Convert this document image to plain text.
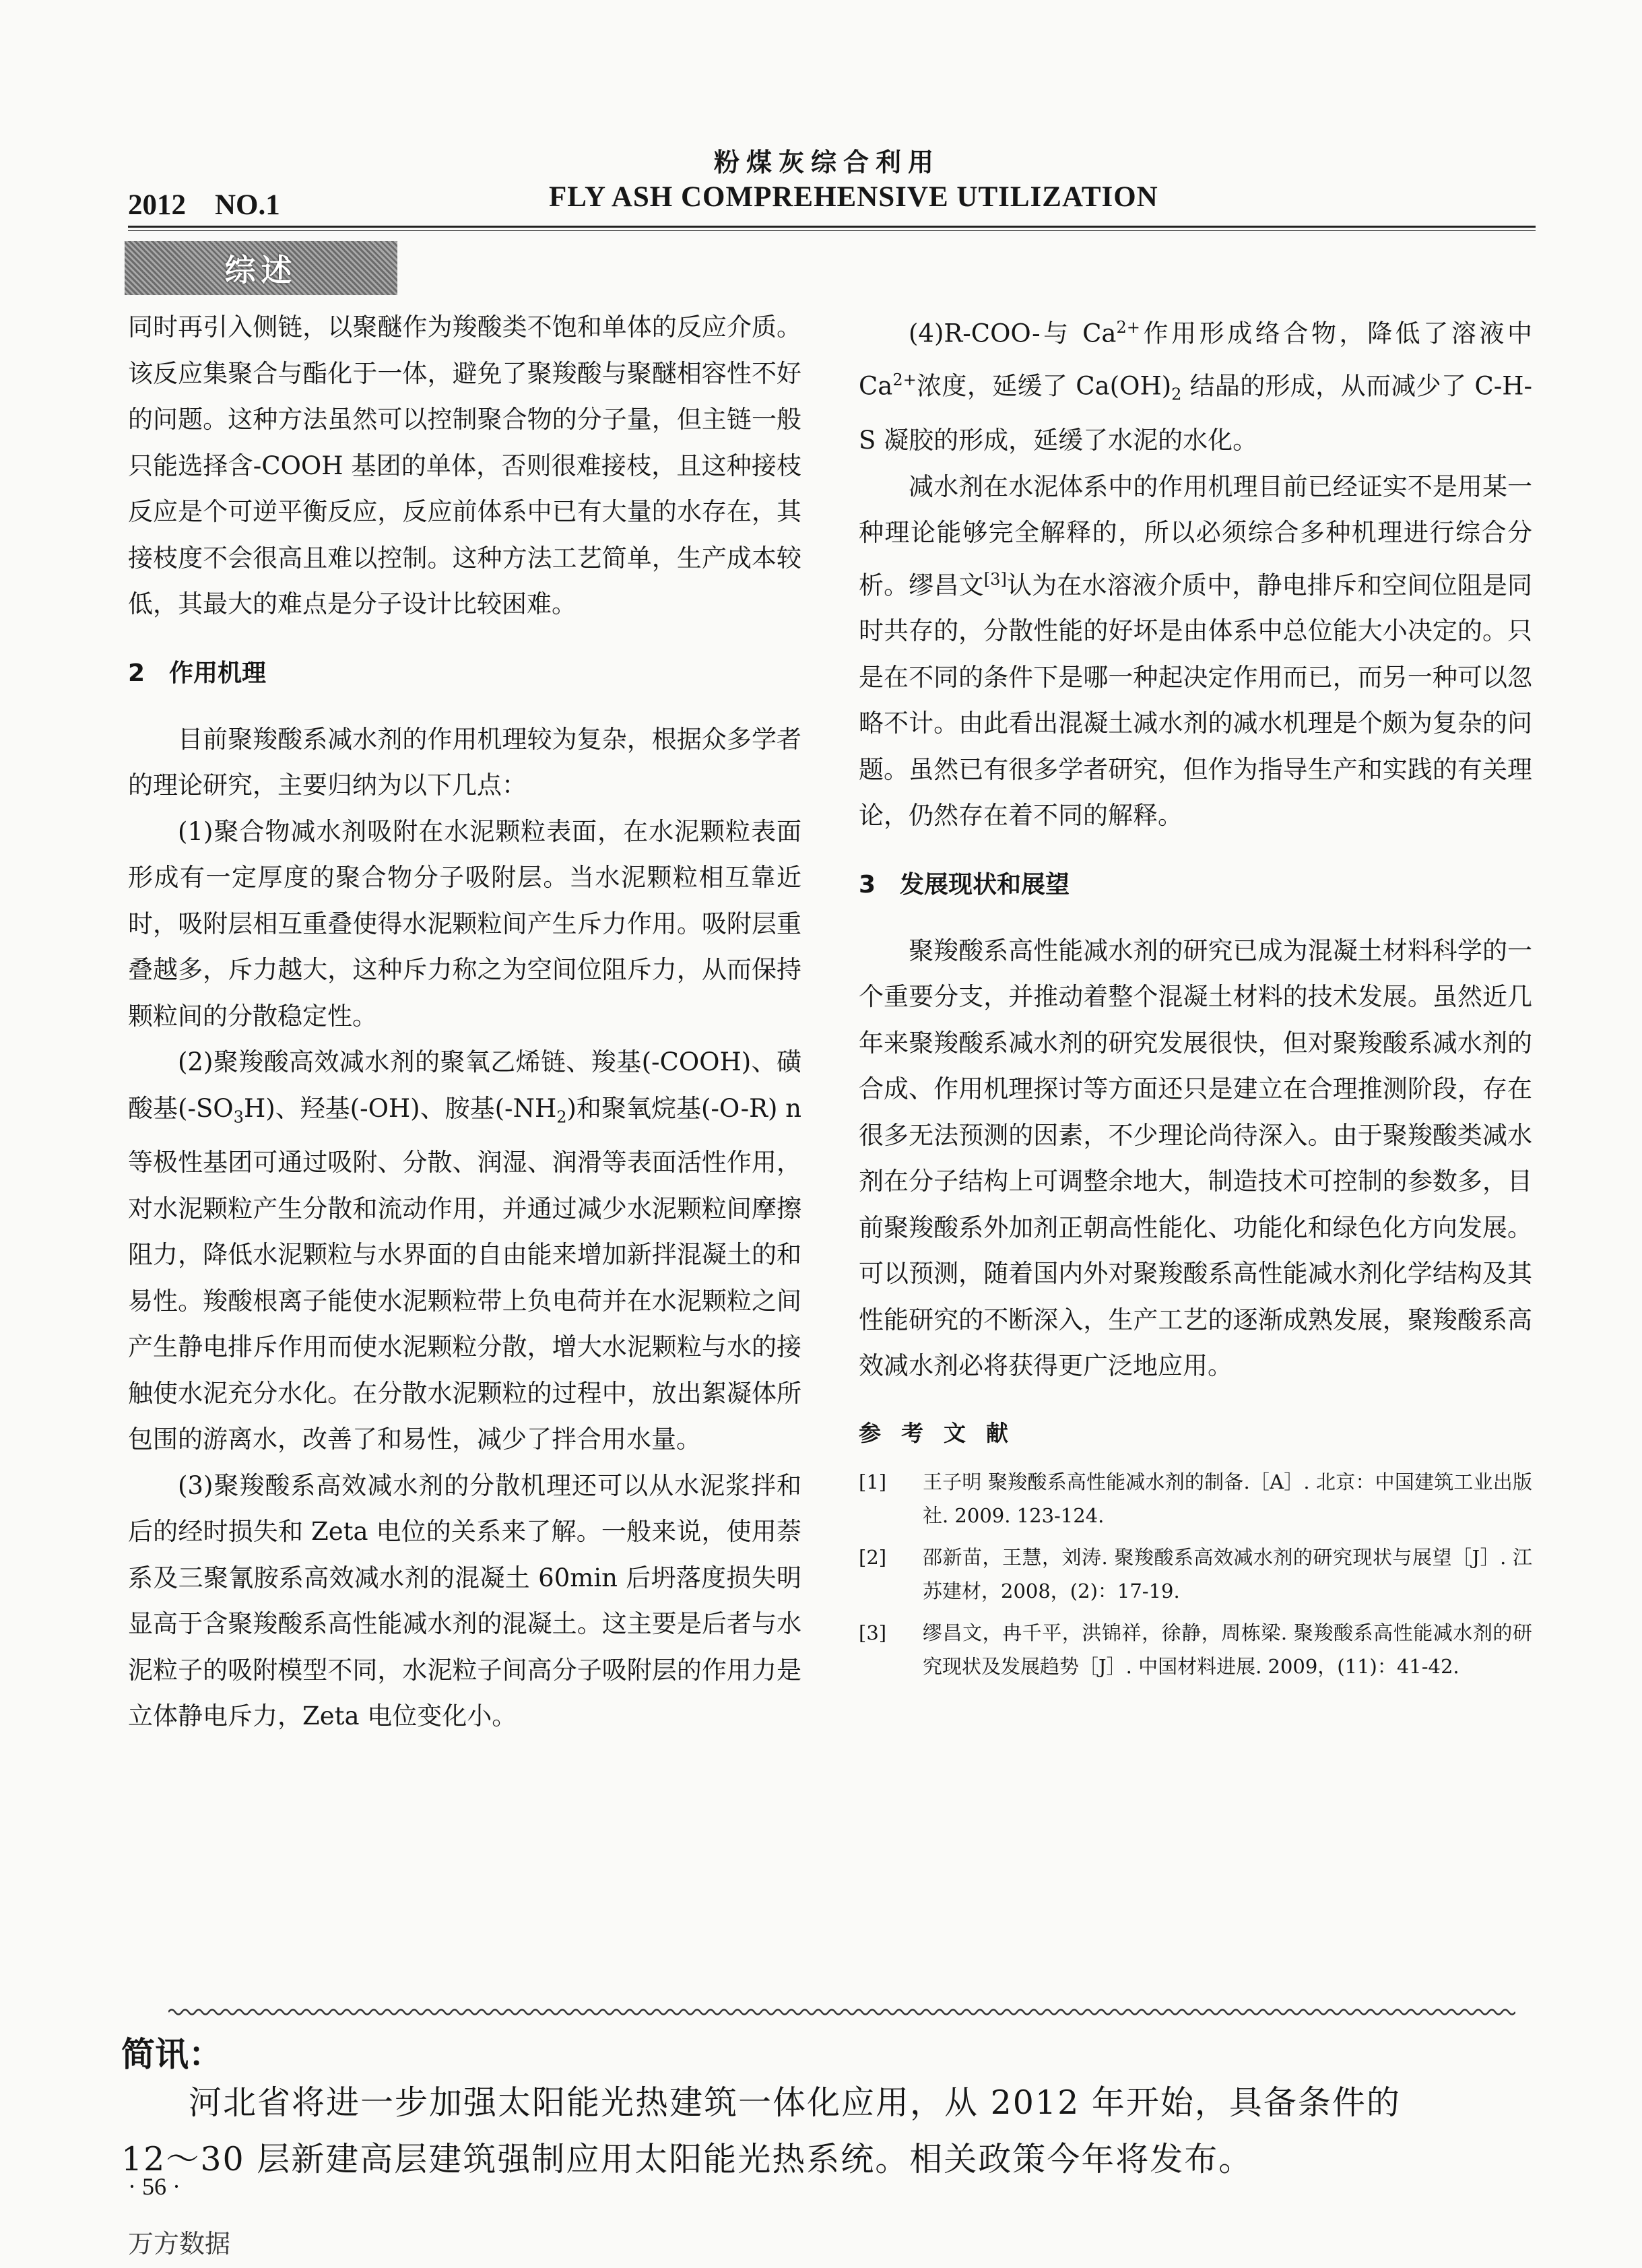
粉煤灰综合利用
2012　NO.1	FLY ASH COMPREHENSIVE UTILIZATION
综述

同时再引入侧链，以聚醚作为羧酸类不饱和单体的反应介质。该反应集聚合与酯化于一体，避免了聚羧酸与聚醚相容性不好的问题。这种方法虽然可以控制聚合物的分子量，但主链一般只能选择含-COOH 基团的单体，否则很难接枝，且这种接枝反应是个可逆平衡反应，反应前体系中已有大量的水存在，其接枝度不会很高且难以控制。这种方法工艺简单，生产成本较低，其最大的难点是分子设计比较困难。

2　作用机理

目前聚羧酸系减水剂的作用机理较为复杂，根据众多学者的理论研究，主要归纳为以下几点：

(1)聚合物减水剂吸附在水泥颗粒表面，在水泥颗粒表面形成有一定厚度的聚合物分子吸附层。当水泥颗粒相互靠近时，吸附层相互重叠使得水泥颗粒间产生斥力作用。吸附层重叠越多，斥力越大，这种斥力称之为空间位阻斥力，从而保持颗粒间的分散稳定性。

(2)聚羧酸高效减水剂的聚氧乙烯链、羧基(-COOH)、磺酸基$(-SO_3H)$、羟基(-OH)、胺基$(-NH_2)$和聚氧烷基(-O-R) n 等极性基团可通过吸附、分散、润湿、润滑等表面活性作用，对水泥颗粒产生分散和流动作用，并通过减少水泥颗粒间摩擦阻力，降低水泥颗粒与水界面的自由能来增加新拌混凝土的和易性。羧酸根离子能使水泥颗粒带上负电荷并在水泥颗粒之间产生静电排斥作用而使水泥颗粒分散，增大水泥颗粒与水的接触使水泥充分水化。在分散水泥颗粒的过程中，放出絮凝体所包围的游离水，改善了和易性，减少了拌合用水量。

(3)聚羧酸系高效减水剂的分散机理还可以从水泥浆拌和后的经时损失和 Zeta 电位的关系来了解。一般来说，使用萘系及三聚氰胺系高效减水剂的混凝土 60min 后坍落度损失明显高于含聚羧酸系高性能减水剂的混凝土。这主要是后者与水泥粒子的吸附模型不同，水泥粒子间高分子吸附层的作用力是立体静电斥力，Zeta 电位变化小。

(4)R-COO-与 $Ca^{2+}$作用形成络合物，降低了溶液中 $Ca^{2+}$浓度，延缓了 $Ca(OH)_2$ 结晶的形成，从而减少了 C-H-S 凝胶的形成，延缓了水泥的水化。

减水剂在水泥体系中的作用机理目前已经证实不是用某一种理论能够完全解释的，所以必须综合多种机理进行综合分析。缪昌文[3]认为在水溶液介质中，静电排斥和空间位阻是同时共存的，分散性能的好坏是由体系中总位能大小决定的。只是在不同的条件下是哪一种起决定作用而已，而另一种可以忽略不计。由此看出混凝土减水剂的减水机理是个颇为复杂的问题。虽然已有很多学者研究，但作为指导生产和实践的有关理论，仍然存在着不同的解释。

3　发展现状和展望

聚羧酸系高性能减水剂的研究已成为混凝土材料科学的一个重要分支，并推动着整个混凝土材料的技术发展。虽然近几年来聚羧酸系减水剂的研究发展很快，但对聚羧酸系减水剂的合成、作用机理探讨等方面还只是建立在合理推测阶段，存在很多无法预测的因素，不少理论尚待深入。由于聚羧酸类减水剂在分子结构上可调整余地大，制造技术可控制的参数多，目前聚羧酸系外加剂正朝高性能化、功能化和绿色化方向发展。可以预测，随着国内外对聚羧酸系高性能减水剂化学结构及其性能研究的不断深入，生产工艺的逐渐成熟发展，聚羧酸系高效减水剂必将获得更广泛地应用。

参考文献

[1]	王子明 聚羧酸系高性能减水剂的制备.［A］. 北京：中国建筑工业出版社. 2009. 123-124.
[2]	邵新苗，王慧，刘涛. 聚羧酸系高效减水剂的研究现状与展望［J］. 江苏建材，2008，(2)：17-19.
[3]	缪昌文，冉千平，洪锦祥，徐静，周栋梁. 聚羧酸系高性能减水剂的研究现状及发展趋势［J］. 中国材料进展. 2009，(11)：41-42.
简讯：

河北省将进一步加强太阳能光热建筑一体化应用，从 2012 年开始，具备条件的

12～30 层新建高层建筑强制应用太阳能光热系统。相关政策今年将发布。

· 56 ·
万方数据
